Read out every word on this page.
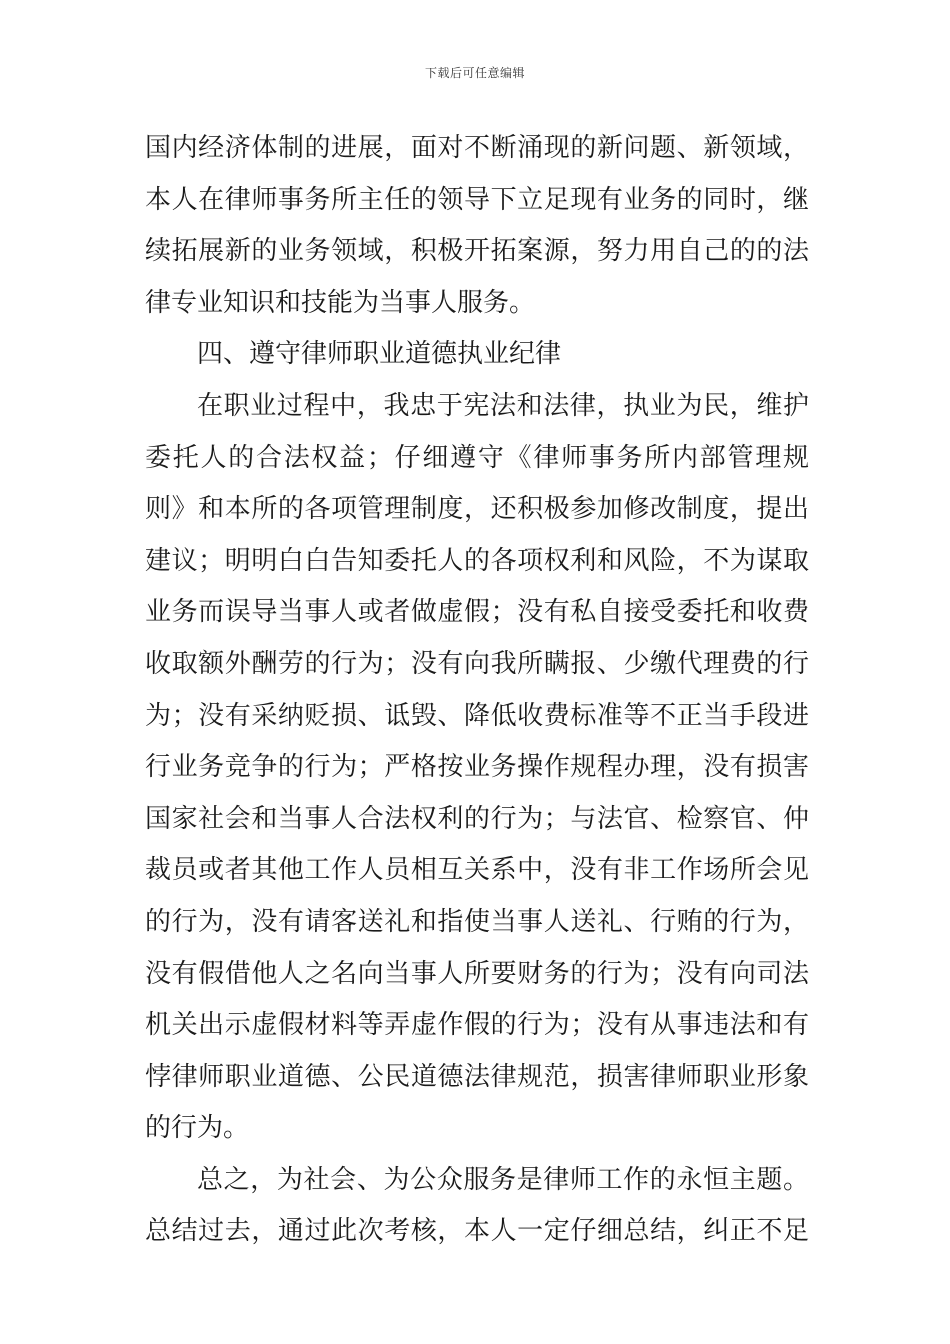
下载后可任意编辑
国内经济体制的进展，面对不断涌现的新问题、新领域，
本人在律师事务所主任的领导下立足现有业务的同时，继
续拓展新的业务领域，积极开拓案源，努力用自己的的法
律专业知识和技能为当事人服务。
四、遵守律师职业道德执业纪律
在职业过程中，我忠于宪法和法律，执业为民，维护
委托人的合法权益；仔细遵守《律师事务所内部管理规
则》和本所的各项管理制度，还积极参加修改制度，提出
建议；明明白白告知委托人的各项权利和风险，不为谋取
业务而误导当事人或者做虚假；没有私自接受委托和收费
收取额外酬劳的行为；没有向我所瞒报、少缴代理费的行
为；没有采纳贬损、诋毁、降低收费标准等不正当手段进
行业务竞争的行为；严格按业务操作规程办理，没有损害
国家社会和当事人合法权利的行为；与法官、检察官、仲
裁员或者其他工作人员相互关系中，没有非工作场所会见
的行为，没有请客送礼和指使当事人送礼、行贿的行为，
没有假借他人之名向当事人所要财务的行为；没有向司法
机关出示虚假材料等弄虚作假的行为；没有从事违法和有
悖律师职业道德、公民道德法律规范，损害律师职业形象
的行为。
总之，为社会、为公众服务是律师工作的永恒主题。
总结过去，通过此次考核，本人一定仔细总结，纠正不足
